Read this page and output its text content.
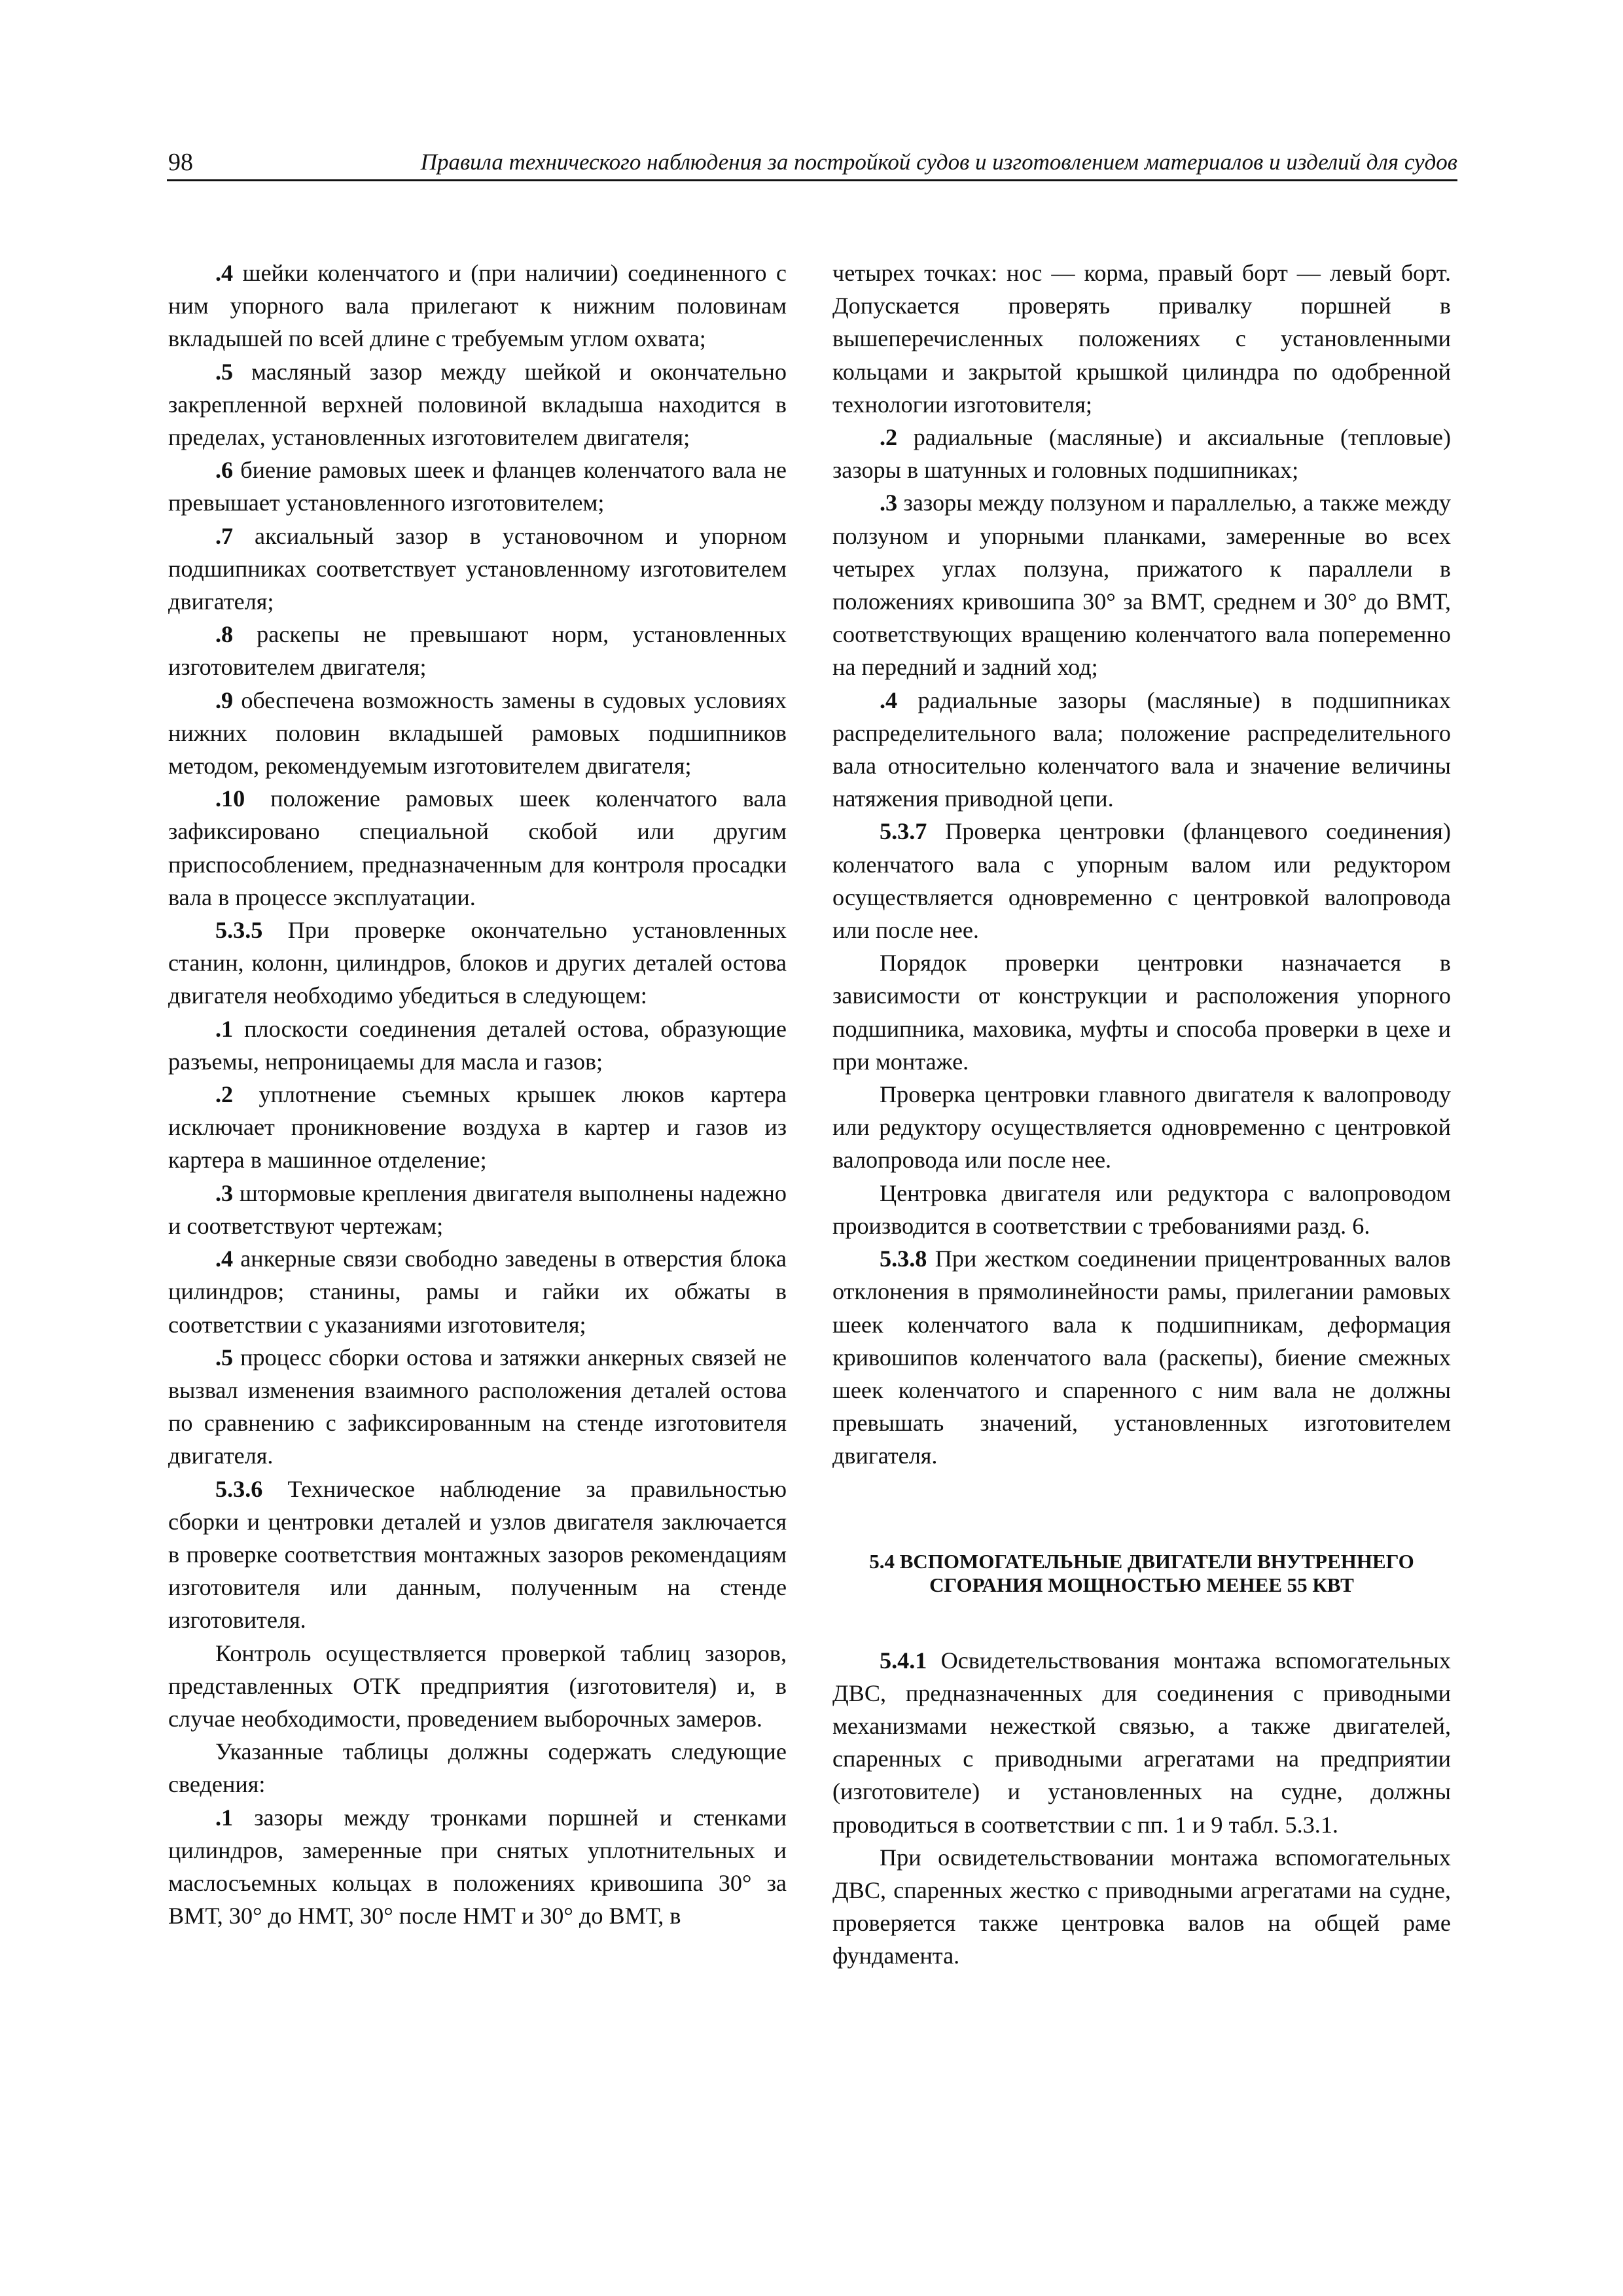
98	Правила технического наблюдения за постройкой судов и изготовлением материалов и изделий для судов

.4 шейки коленчатого и (при наличии) соединенного с ним упорного вала прилегают к нижним половинам вкладышей по всей длине с требуемым углом охвата;

.5 масляный зазор между шейкой и окончательно закрепленной верхней половиной вкладыша находится в пределах, установленных изготовителем двигателя;

.6 биение рамовых шеек и фланцев коленчатого вала не превышает установленного изготовителем;

.7 аксиальный зазор в установочном и упорном подшипниках соответствует установленному изготовителем двигателя;

.8 раскепы не превышают норм, установленных изготовителем двигателя;

.9 обеспечена возможность замены в судовых условиях нижних половин вкладышей рамовых подшипников методом, рекомендуемым изготовителем двигателя;

.10 положение рамовых шеек коленчатого вала зафиксировано специальной скобой или другим приспособлением, предназначенным для контроля просадки вала в процессе эксплуатации.

5.3.5 При проверке окончательно установленных станин, колонн, цилиндров, блоков и других деталей остова двигателя необходимо убедиться в следующем:

.1 плоскости соединения деталей остова, образующие разъемы, непроницаемы для масла и газов;

.2 уплотнение съемных крышек люков картера исключает проникновение воздуха в картер и газов из картера в машинное отделение;

.3 штормовые крепления двигателя выполнены надежно и соответствуют чертежам;

.4 анкерные связи свободно заведены в отверстия блока цилиндров; станины, рамы и гайки их обжаты в соответствии с указаниями изготовителя;

.5 процесс сборки остова и затяжки анкерных связей не вызвал изменения взаимного расположения деталей остова по сравнению с зафиксированным на стенде изготовителя двигателя.

5.3.6 Техническое наблюдение за правильностью сборки и центровки деталей и узлов двигателя заключается в проверке соответствия монтажных зазоров рекомендациям изготовителя или данным, полученным на стенде изготовителя.

Контроль осуществляется проверкой таблиц зазоров, представленных ОТК предприятия (изготовителя) и, в случае необходимости, проведением выборочных замеров.

Указанные таблицы должны содержать следующие сведения:

.1 зазоры между тронками поршней и стенками цилиндров, замеренные при снятых уплотнительных и маслосъемных кольцах в положениях кривошипа 30° за ВМТ, 30° до НМТ, 30° после НМТ и 30° до ВМТ, в

четырех точках: нос — корма, правый борт — левый борт. Допускается проверять привалку поршней в вышеперечисленных положениях с установленными кольцами и закрытой крышкой цилиндра по одобренной технологии изготовителя;

.2 радиальные (масляные) и аксиальные (тепловые) зазоры в шатунных и головных подшипниках;

.3 зазоры между ползуном и параллелью, а также между ползуном и упорными планками, замеренные во всех четырех углах ползуна, прижатого к параллели в положениях кривошипа 30° за ВМТ, среднем и 30° до ВМТ, соответствующих вращению коленчатого вала попеременно на передний и задний ход;

.4 радиальные зазоры (масляные) в подшипниках распределительного вала; положение распределительного вала относительно коленчатого вала и значение величины натяжения приводной цепи.

5.3.7 Проверка центровки (фланцевого соединения) коленчатого вала с упорным валом или редуктором осуществляется одновременно с центровкой валопровода или после нее.

Порядок проверки центровки назначается в зависимости от конструкции и расположения упорного подшипника, маховика, муфты и способа проверки в цехе и при монтаже.

Проверка центровки главного двигателя к валопроводу или редуктору осуществляется одновременно с центровкой валопровода или после нее.

Центровка двигателя или редуктора с валопроводом производится в соответствии с требованиями разд. 6.

5.3.8 При жестком соединении прицентрованных валов отклонения в прямолинейности рамы, прилегании рамовых шеек коленчатого вала к подшипникам, деформация кривошипов коленчатого вала (раскепы), биение смежных шеек коленчатого и спаренного с ним вала не должны превышать значений, установленных изготовителем двигателя.

5.4 ВСПОМОГАТЕЛЬНЫЕ ДВИГАТЕЛИ ВНУТРЕННЕГО
СГОРАНИЯ МОЩНОСТЬЮ МЕНЕЕ 55 КВТ

5.4.1 Освидетельствования монтажа вспомогательных ДВС, предназначенных для соединения с приводными механизмами нежесткой связью, а также двигателей, спаренных с приводными агрегатами на предприятии (изготовителе) и установленных на судне, должны проводиться в соответствии с пп. 1 и 9 табл. 5.3.1.

При освидетельствовании монтажа вспомогательных ДВС, спаренных жестко с приводными агрегатами на судне, проверяется также центровка валов на общей раме фундамента.
